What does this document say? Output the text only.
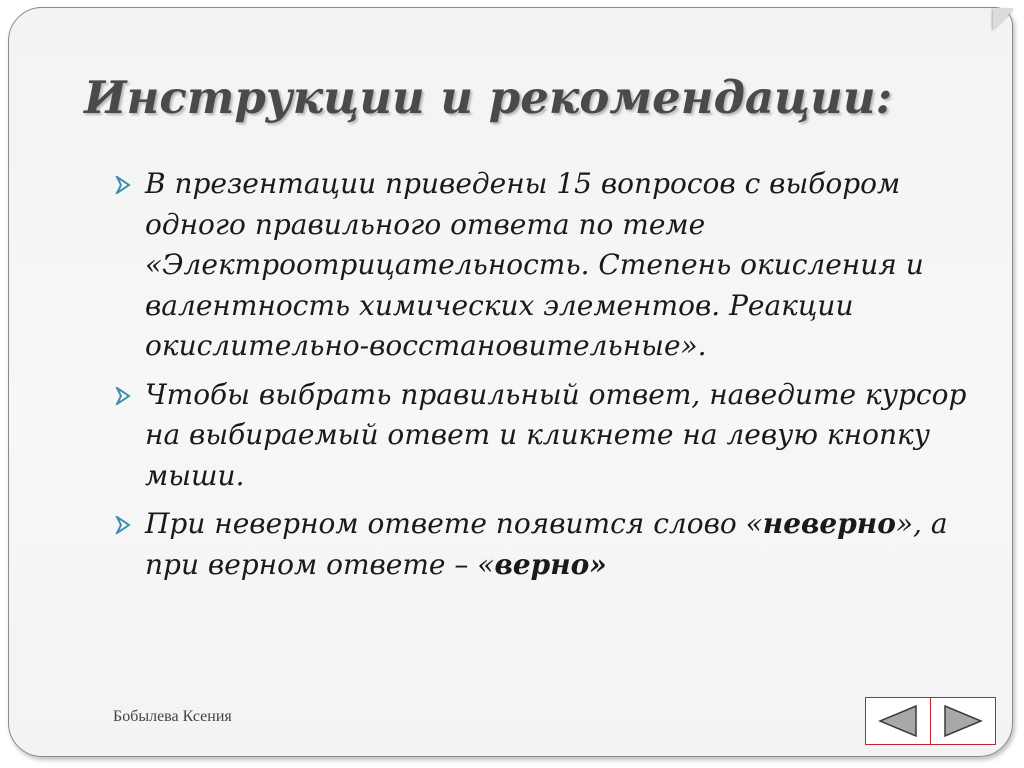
Инструкции и рекомендации:
В презентации приведены 15 вопросов с выбором одного правильного ответа по теме «Электроотрицательность. Степень окисления и валентность химических элементов. Реакции окислительно-восстановительные».
Чтобы выбрать правильный ответ, наведите курсор на выбираемый ответ и кликнете на левую кнопку мыши.
При неверном ответе появится слово «неверно», а при верном ответе – «верно»
Бобылева Ксения
